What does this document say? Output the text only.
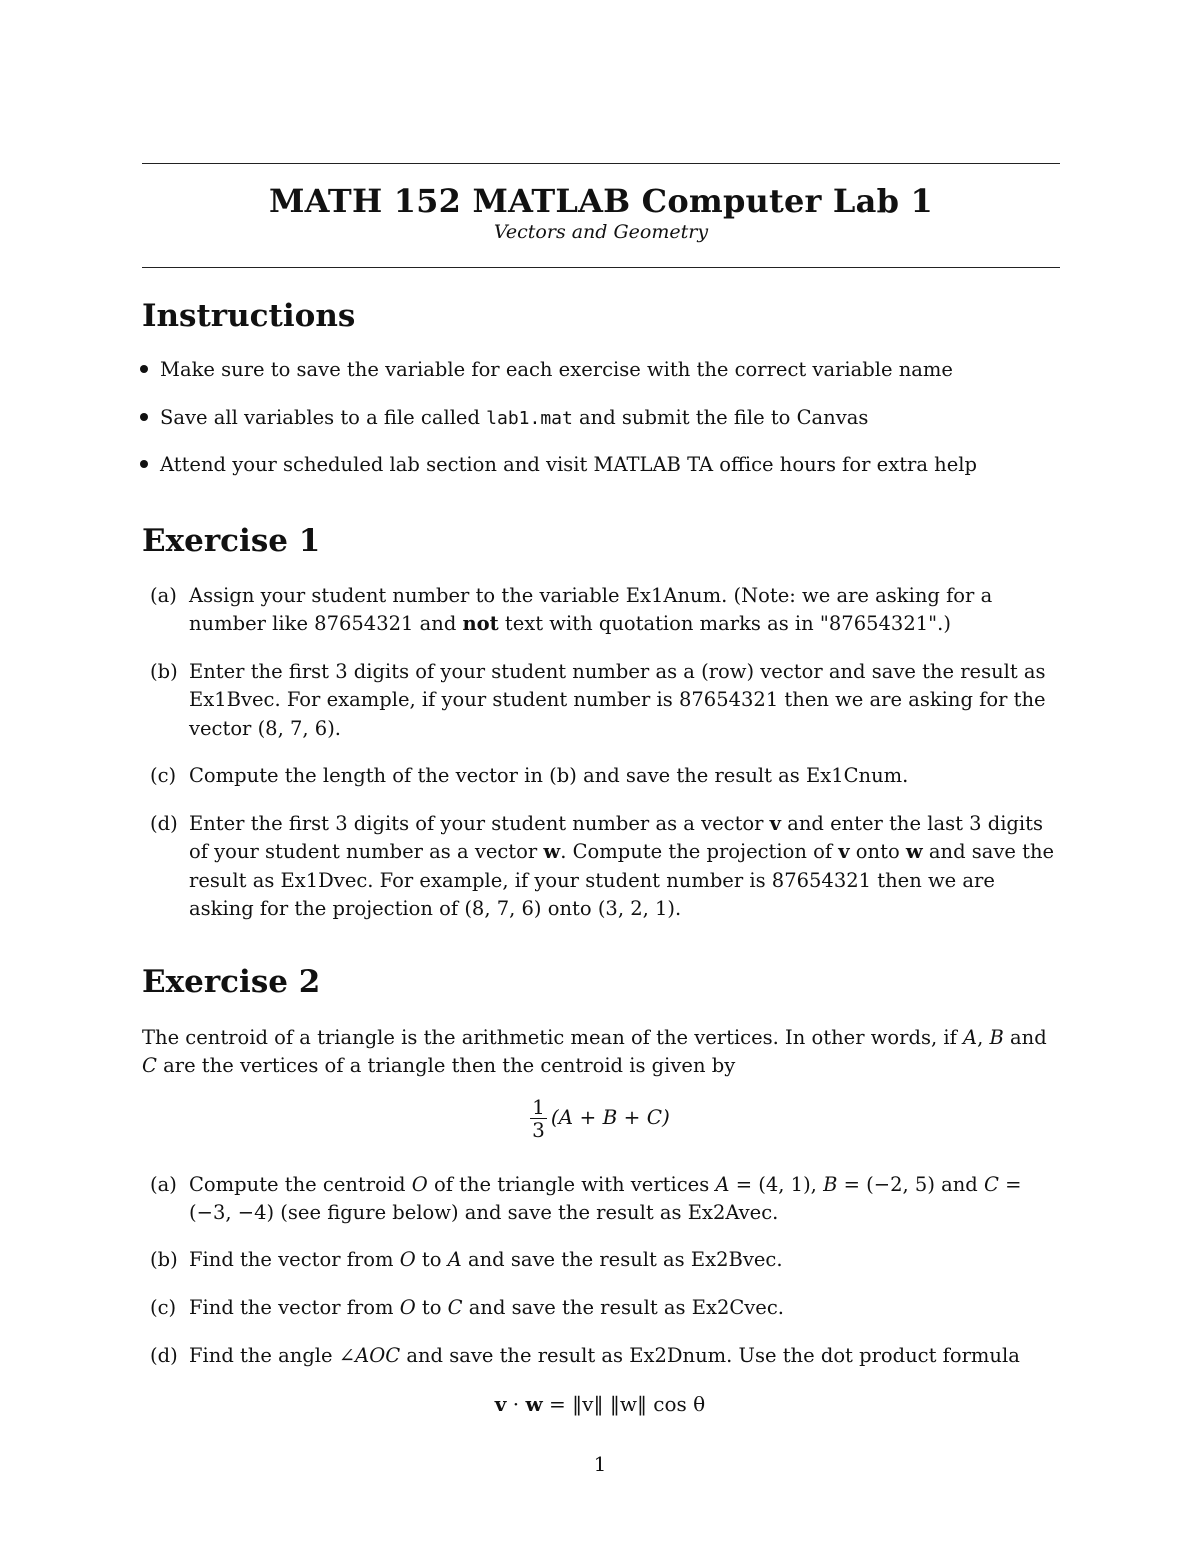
MATH 152 MATLAB Computer Lab 1
Vectors and Geometry
Instructions
Make sure to save the variable for each exercise with the correct variable name
Save all variables to a file called lab1.mat and submit the file to Canvas
Attend your scheduled lab section and visit MATLAB TA office hours for extra help
Exercise 1
(a) Assign your student number to the variable Ex1Anum. (Note: we are asking for a number like 87654321 and not text with quotation marks as in "87654321".)
(b) Enter the first 3 digits of your student number as a (row) vector and save the result as Ex1Bvec. For example, if your student number is 87654321 then we are asking for the vector (8, 7, 6).
(c) Compute the length of the vector in (b) and save the result as Ex1Cnum.
(d) Enter the first 3 digits of your student number as a vector v and enter the last 3 digits of your student number as a vector w. Compute the projection of v onto w and save the result as Ex1Dvec. For example, if your student number is 87654321 then we are asking for the projection of (8, 7, 6) onto (3, 2, 1).
Exercise 2
The centroid of a triangle is the arithmetic mean of the vertices. In other words, if A, B and C are the vertices of a triangle then the centroid is given by
$\frac{1}{3} (A + B + C)$
(a) Compute the centroid O of the triangle with vertices A = (4, 1), B = (−2, 5) and C = (−3, −4) (see figure below) and save the result as Ex2Avec.
(b) Find the vector from O to A and save the result as Ex2Bvec.
(c) Find the vector from O to C and save the result as Ex2Cvec.
(d) Find the angle ∠AOC and save the result as Ex2Dnum. Use the dot product formula
v · w = ‖v‖ ‖w‖ cos θ
1
